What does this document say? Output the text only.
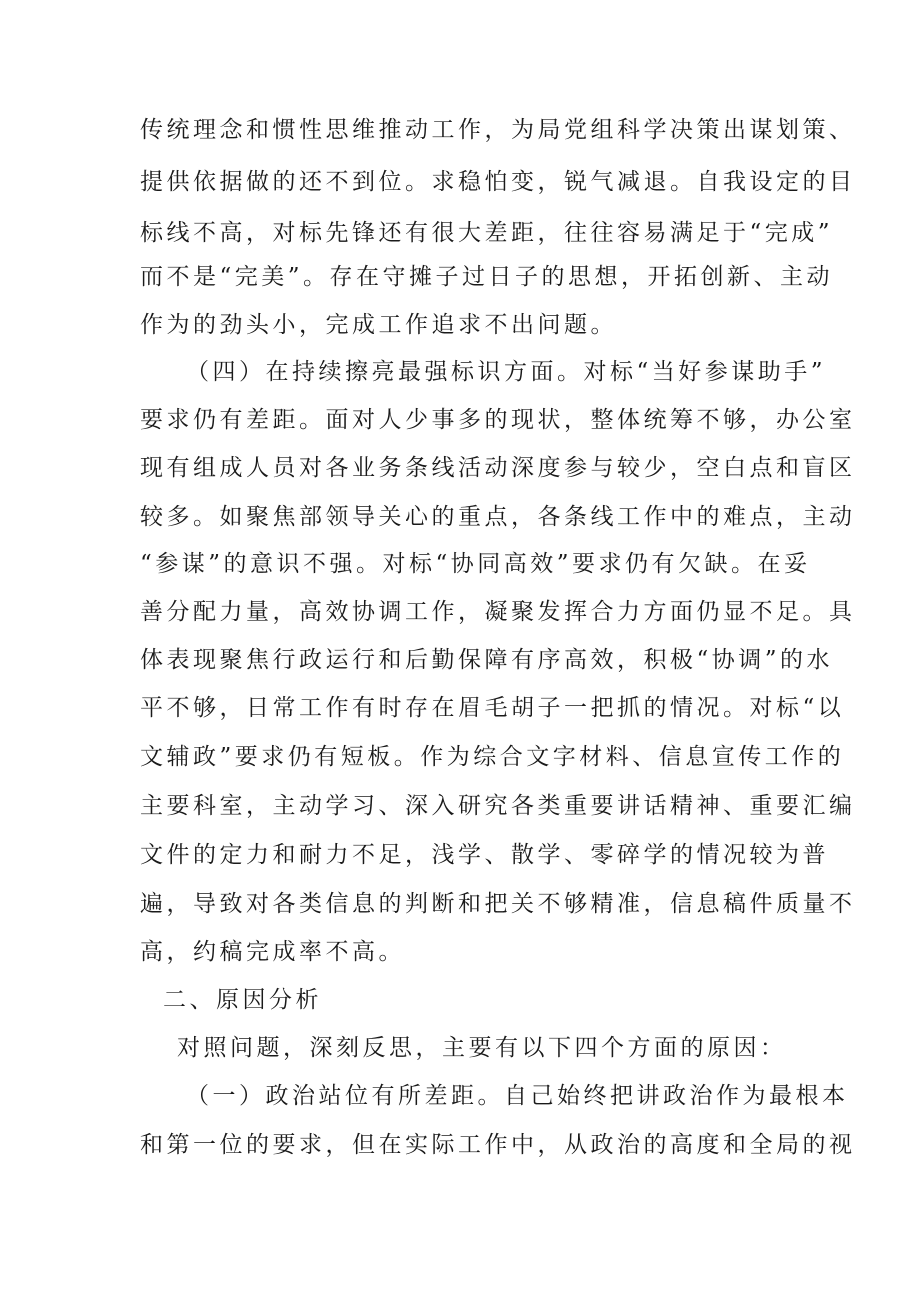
传统理念和惯性思维推动工作，为局党组科学决策出谋划策、
提供依据做的还不到位。求稳怕变，锐气减退。自我设定的目
标线不高，对标先锋还有很大差距，往往容易满足于“完成”
而不是“完美”。存在守摊子过日子的思想，开拓创新、主动
作为的劲头小，完成工作追求不出问题。
（四）在持续擦亮最强标识方面。对标“当好参谋助手”
要求仍有差距。面对人少事多的现状，整体统筹不够，办公室
现有组成人员对各业务条线活动深度参与较少，空白点和盲区
较多。如聚焦部领导关心的重点，各条线工作中的难点，主动
“参谋”的意识不强。对标“协同高效”要求仍有欠缺。在妥
善分配力量，高效协调工作，凝聚发挥合力方面仍显不足。具
体表现聚焦行政运行和后勤保障有序高效，积极“协调”的水
平不够，日常工作有时存在眉毛胡子一把抓的情况。对标“以
文辅政”要求仍有短板。作为综合文字材料、信息宣传工作的
主要科室，主动学习、深入研究各类重要讲话精神、重要汇编
文件的定力和耐力不足，浅学、散学、零碎学的情况较为普
遍，导致对各类信息的判断和把关不够精准，信息稿件质量不
高，约稿完成率不高。
二、原因分析
对照问题，深刻反思，主要有以下四个方面的原因：
（一）政治站位有所差距。自己始终把讲政治作为最根本
和第一位的要求，但在实际工作中，从政治的高度和全局的视
